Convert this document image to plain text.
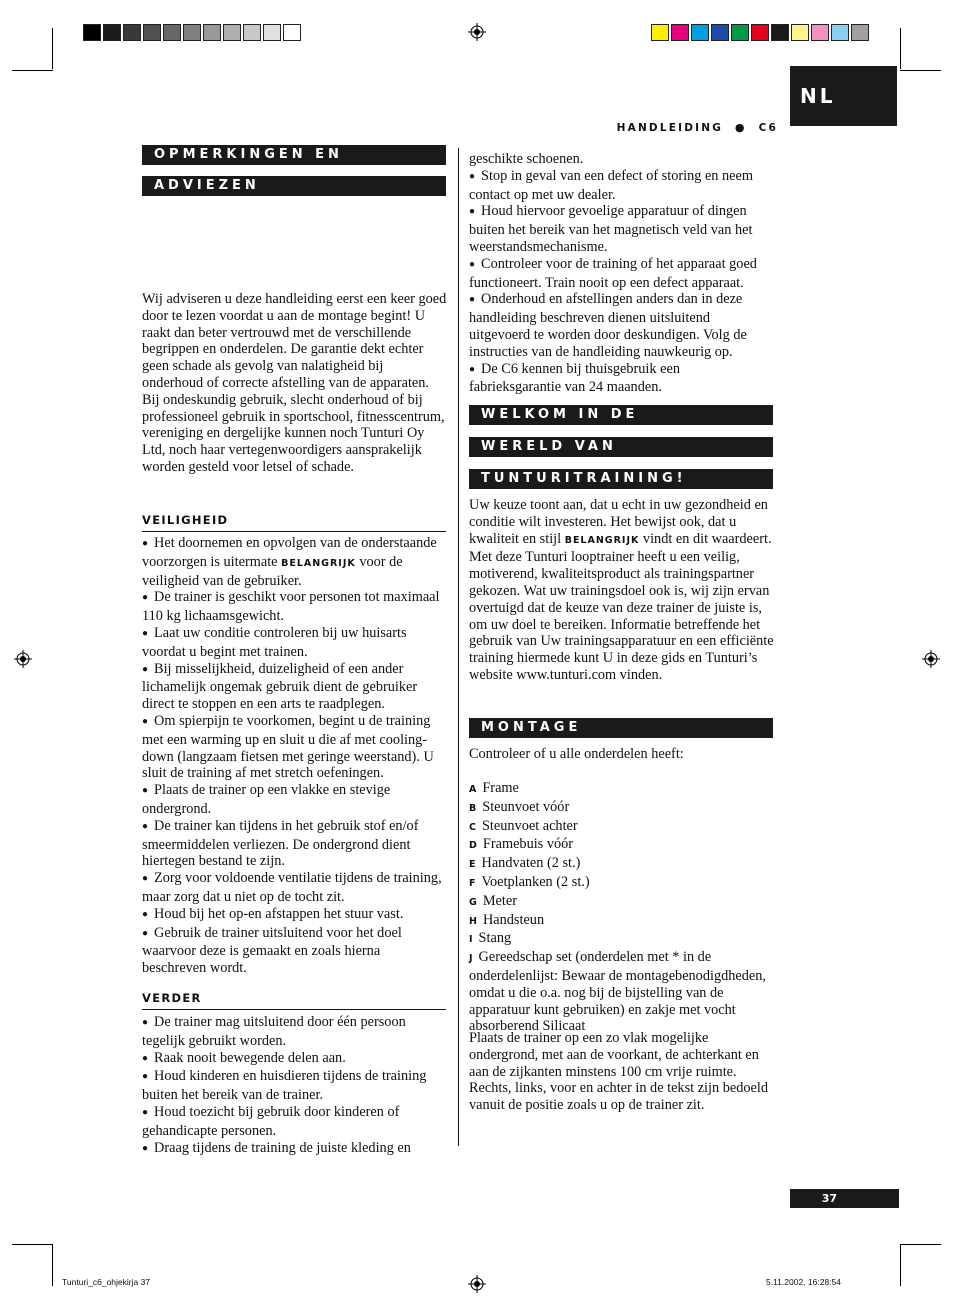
NL
HANDLEIDING ● C6
OPMERKINGEN EN
ADVIEZEN
Wij adviseren u deze handleiding eerst een keer goed door te lezen voordat u aan de montage begint! U raakt dan beter vertrouwd met de verschillende begrippen en onderdelen. De garantie dekt echter geen schade als gevolg van nalatigheid bij onderhoud of correcte afstelling van de apparaten. Bij ondeskundig gebruik, slecht onderhoud of bij professioneel gebruik in sportschool, fitnesscentrum, vereniging en dergelijke kunnen noch Tunturi Oy Ltd, noch haar vertegenwoordigers aansprakelijk worden gesteld voor letsel of schade.
VEILIGHEID

● Het doornemen en opvolgen van de onderstaande voorzorgen is uitermate BELANGRIJK voor de veiligheid van de gebruiker.

● De trainer is geschikt voor personen tot maximaal 110 kg lichaamsgewicht.

● Laat uw conditie controleren bij uw huisarts voordat u begint met trainen.

● Bij misselijkheid, duizeligheid of een ander lichamelijk ongemak gebruik dient de gebruiker direct te stoppen en een arts te raadplegen.

● Om spierpijn te voorkomen, begint u de training met een warming up en sluit u die af met cooling-down (langzaam fietsen met geringe weerstand). U sluit de training af met stretch oefeningen.

● Plaats de trainer op een vlakke en stevige ondergrond.

● De trainer kan tijdens in het gebruik stof en/of smeermiddelen verliezen. De ondergrond dient hiertegen bestand te zijn.

● Zorg voor voldoende ventilatie tijdens de training, maar zorg dat u niet op de tocht zit.

● Houd bij het op-en afstappen het stuur vast.

● Gebruik de trainer uitsluitend voor het doel waarvoor deze is gemaakt en zoals hierna beschreven wordt.

VERDER

● De trainer mag uitsluitend door één persoon tegelijk gebruikt worden.

● Raak nooit bewegende delen aan.

● Houd kinderen en huisdieren tijdens de training buiten het bereik van de trainer.

● Houd toezicht bij gebruik door kinderen of gehandicapte personen.

● Draag tijdens de training de juiste kleding en

geschikte schoenen.

● Stop in geval van een defect of storing en neem contact op met uw dealer.

● Houd hiervoor gevoelige apparatuur of dingen buiten het bereik van het magnetisch veld van het weerstandsmechanisme.

● Controleer voor de training of het apparaat goed functioneert. Train nooit op een defect apparaat.

● Onderhoud en afstellingen anders dan in deze handleiding beschreven dienen uitsluitend uitgevoerd te worden door deskundigen. Volg de instructies van de handleiding nauwkeurig op.

● De C6 kennen bij thuisgebruik een fabrieksgarantie van 24 maanden.

WELKOM IN DE
WERELD VAN
TUNTURITRAINING!
Uw keuze toont aan, dat u echt in uw gezondheid en conditie wilt investeren. Het bewijst ook, dat u kwaliteit en stijl BELANGRIJK vindt en dit waardeert. Met deze Tunturi looptrainer heeft u een veilig, motiverend, kwaliteitsproduct als trainingspartner gekozen. Wat uw trainingsdoel ook is, wij zijn ervan overtuigd dat de keuze van deze trainer de juiste is, om uw doel te bereiken. Informatie betreffende het gebruik van Uw trainingsapparatuur en een efficiënte training hiermede kunt U in deze gids en Tunturi’s website www.tunturi.com vinden.
MONTAGE
Controleer of u alle onderdelen heeft:

A Frame

B Steunvoet vóór

C Steunvoet achter

D Framebuis vóór

E Handvaten (2 st.)

F Voetplanken (2 st.)

G Meter

H Handsteun

I Stang

J Gereedschap set (onderdelen met * in de onderdelenlijst: Bewaar de montagebenodigdheden, omdat u die o.a. nog bij de bijstelling van de apparatuur kunt gebruiken) en zakje met vocht absorberend Silicaat

Plaats de trainer op een zo vlak mogelijke ondergrond, met aan de voorkant, de achterkant en aan de zijkanten minstens 100 cm vrije ruimte. Rechts, links, voor en achter in de tekst zijn bedoeld vanuit de positie zoals u op de trainer zit.
37
Tunturi_c6_ohjekirja 37	5.11.2002, 16:28:54
